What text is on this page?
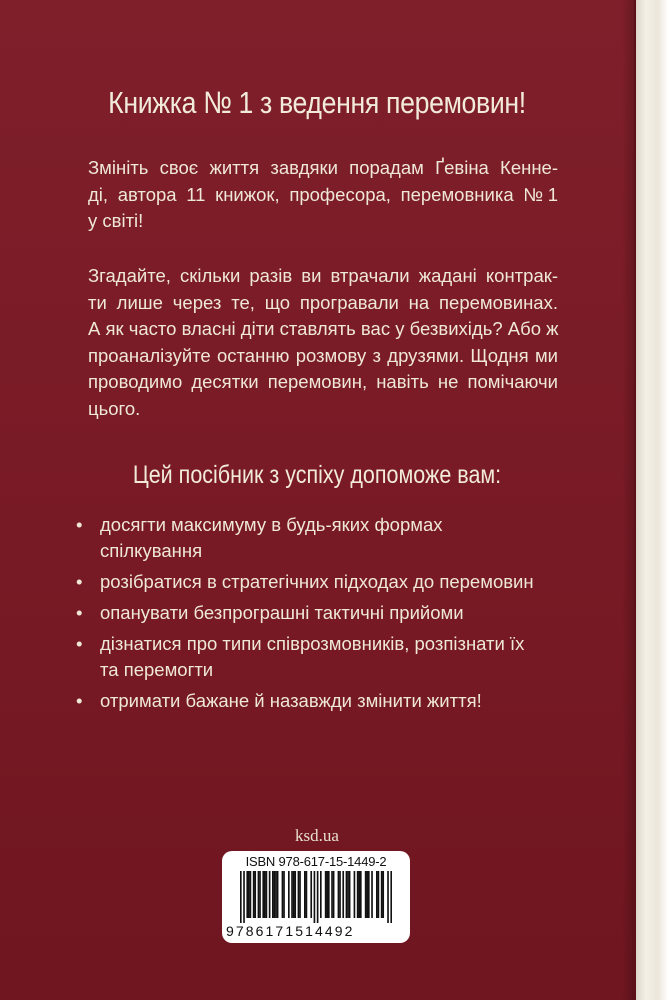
Книжка № 1 з ведення перемовин!
Змініть своє життя завдяки порадам Ґевіна Кенне-
ді, автора 11 книжок, професора, перемовника №1
у світі!
Згадайте, скільки разів ви втрачали жадані контрак-
ти лише через те, що програвали на перемовинах.
А як часто власні діти ставлять вас у безвихідь? Або ж
проаналізуйте останню розмову з друзями. Щодня ми
проводимо десятки перемовин, навіть не помічаючи
цього.
Цей посібник з успіху допоможе вам:
• досягти максимуму в будь-яких формах
спілкування
• розібратися в стратегічних підходах до перемовин
• опанувати безпрограшні тактичні прийоми
• дізнатися про типи співрозмовників, розпізнати їх
та перемогти
• отримати бажане й назавжди змінити життя!
ksd.ua
ISBN 978-617-15-1449-2
9786171514492
